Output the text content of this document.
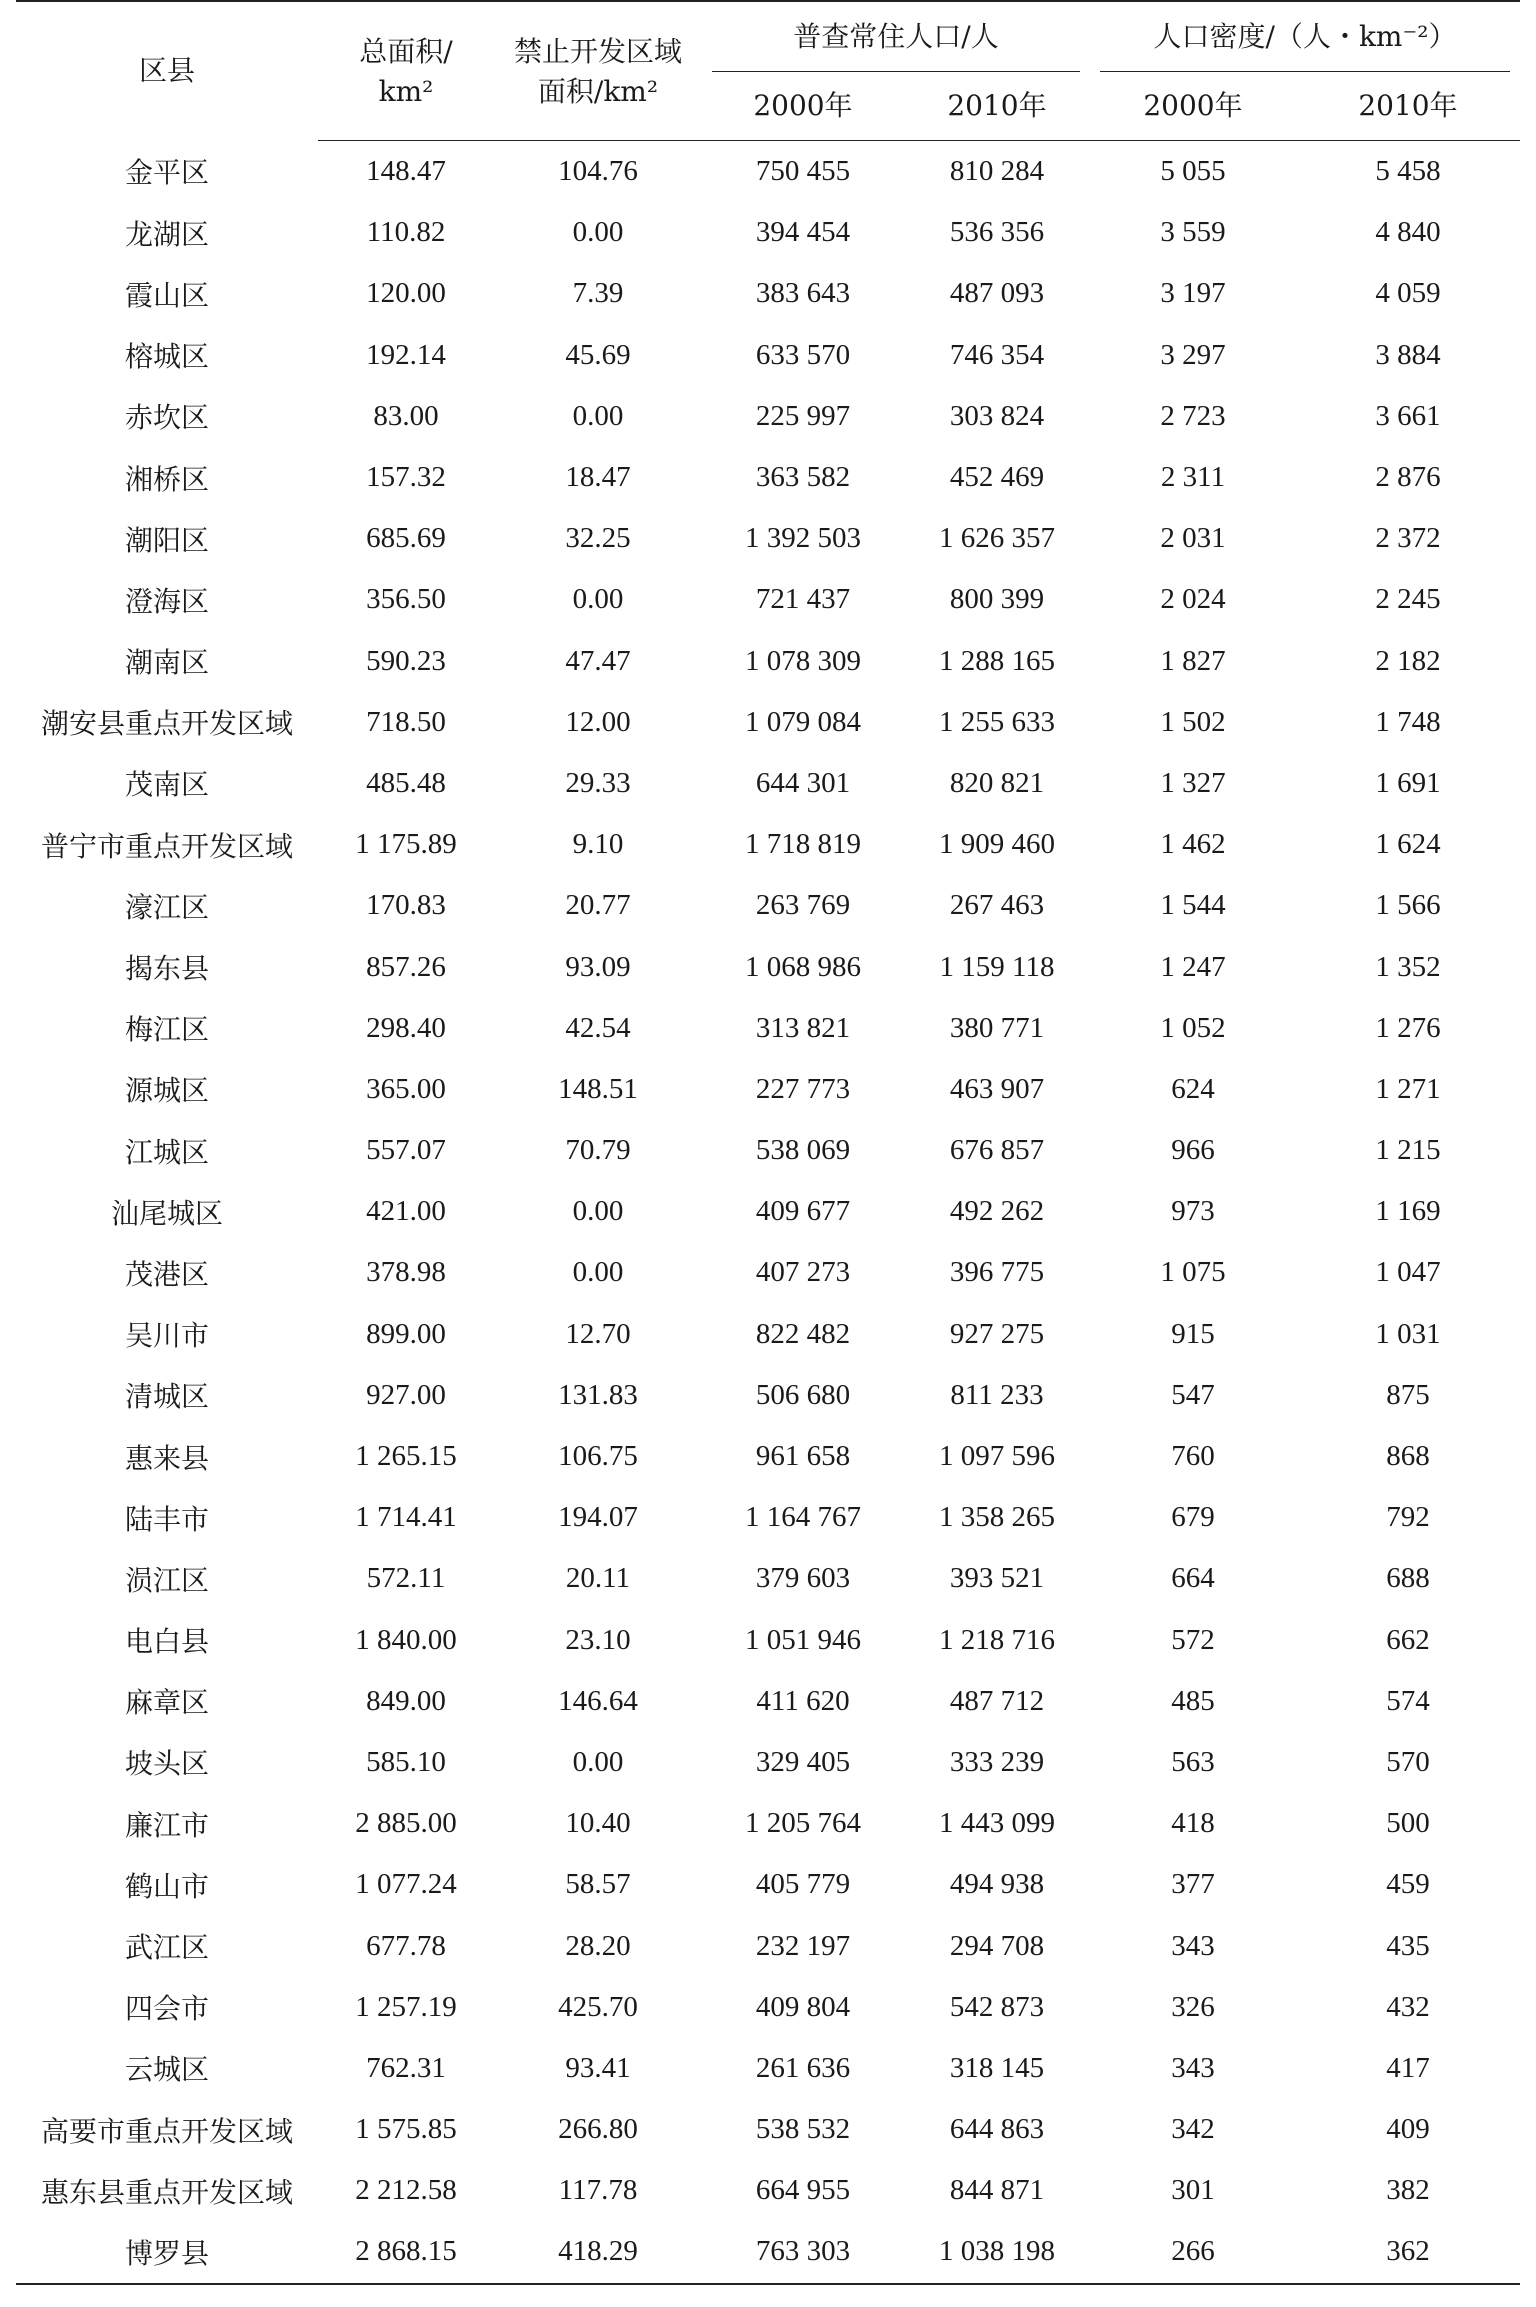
区县	总面积/	禁止开发区域	普查常住人口/人		人口密度/（人・km⁻²）	
	km²	面积/km²	2000年	2010年	2000年	2010年
金平区	148.47	104.76	750 455	810 284	5 055	5 458
龙湖区	110.82	0.00	394 454	536 356	3 559	4 840
霞山区	120.00	7.39	383 643	487 093	3 197	4 059
榕城区	192.14	45.69	633 570	746 354	3 297	3 884
赤坎区	83.00	0.00	225 997	303 824	2 723	3 661
湘桥区	157.32	18.47	363 582	452 469	2 311	2 876
潮阳区	685.69	32.25	1 392 503	1 626 357	2 031	2 372
澄海区	356.50	0.00	721 437	800 399	2 024	2 245
潮南区	590.23	47.47	1 078 309	1 288 165	1 827	2 182
潮安县重点开发区域	718.50	12.00	1 079 084	1 255 633	1 502	1 748
茂南区	485.48	29.33	644 301	820 821	1 327	1 691
普宁市重点开发区域	1 175.89	9.10	1 718 819	1 909 460	1 462	1 624
濠江区	170.83	20.77	263 769	267 463	1 544	1 566
揭东县	857.26	93.09	1 068 986	1 159 118	1 247	1 352
梅江区	298.40	42.54	313 821	380 771	1 052	1 276
源城区	365.00	148.51	227 773	463 907	624	1 271
江城区	557.07	70.79	538 069	676 857	966	1 215
汕尾城区	421.00	0.00	409 677	492 262	973	1 169
茂港区	378.98	0.00	407 273	396 775	1 075	1 047
吴川市	899.00	12.70	822 482	927 275	915	1 031
清城区	927.00	131.83	506 680	811 233	547	875
惠来县	1 265.15	106.75	961 658	1 097 596	760	868
陆丰市	1 714.41	194.07	1 164 767	1 358 265	679	792
涢江区	572.11	20.11	379 603	393 521	664	688
电白县	1 840.00	23.10	1 051 946	1 218 716	572	662
麻章区	849.00	146.64	411 620	487 712	485	574
坡头区	585.10	0.00	329 405	333 239	563	570
廉江市	2 885.00	10.40	1 205 764	1 443 099	418	500
鹤山市	1 077.24	58.57	405 779	494 938	377	459
武江区	677.78	28.20	232 197	294 708	343	435
四会市	1 257.19	425.70	409 804	542 873	326	432
云城区	762.31	93.41	261 636	318 145	343	417
高要市重点开发区域	1 575.85	266.80	538 532	644 863	342	409
惠东县重点开发区域	2 212.58	117.78	664 955	844 871	301	382
博罗县	2 868.15	418.29	763 303	1 038 198	266	362
